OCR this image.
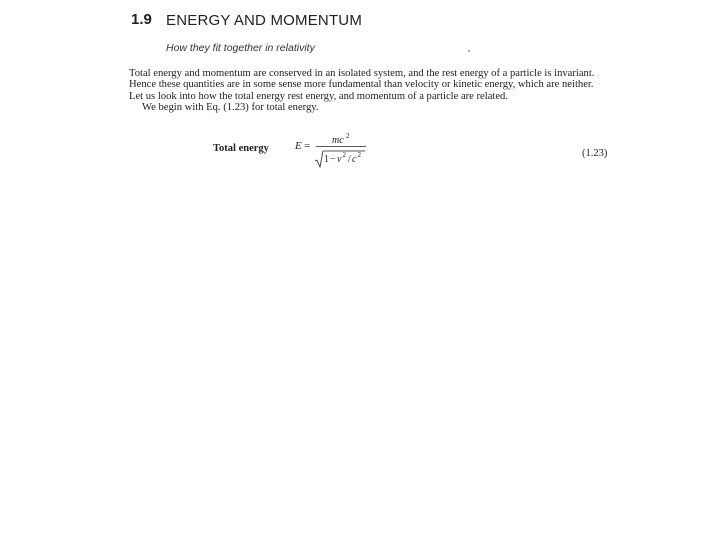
1.9 ENERGY AND MOMENTUM
How they fit together in relativity
Total energy and momentum are conserved in an isolated system, and the rest energy of a particle is invariant.
Hence these quantities are in some sense more fundamental than velocity or kinetic energy, which are neither.
Let us look into how the total energy rest energy, and momentum of a particle are related.
We begin with Eq. (1.23) for total energy.
Total energy E = mc 2
1 − v 2 / c 2	(1.23)
